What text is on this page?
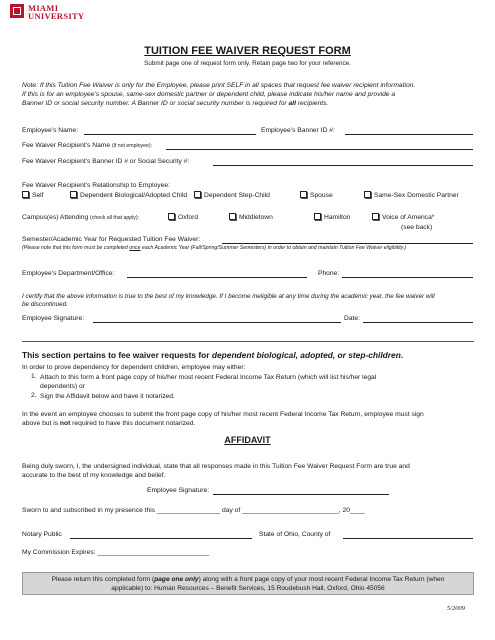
MIAMI
UNIVERSITY
TUITION FEE WAIVER REQUEST FORM
Submit page one of request form only. Retain page two for your reference.
Note: If this Tuition Fee Waiver is only for the Employee, please print SELF in all spaces that request fee waiver recipient information.
If this is for an employee’s spouse, same-sex domestic partner or dependent child, please indicate his/her name and provide a
Banner ID or social security number. A Banner ID or social security number is required for all recipients.
Employee’s Name:	Employee’s Banner ID #:
Fee Waiver Recipient’s Name (if not employee):
Fee Waiver Recipient’s Banner ID # or Social Security #:
Fee Waiver Recipient’s Relationship to Employee:
Self	Dependent Biological/Adopted Child	Dependent Step-Child	Spouse	Same-Sex Domestic Partner
Campus(es) Attending (check all that apply):	Oxford	Middletown	Hamilton	Voice of America*
(see back)
Semester/Academic Year for Requested Tuition Fee Waiver:
(Please note that this form must be completed once each Academic Year (Fall/Spring/Summer Semesters) in order to obtain and maintain Tuition Fee Waiver eligibility.)
Employee’s Department/Office:	Phone:
I certify that the above information is true to the best of my knowledge. If I become ineligible at any time during the academic year, the fee waiver will
be discontinued.
Employee Signature:	Date:
This section pertains to fee waiver requests for dependent biological, adopted, or step-children.
In order to prove dependency for dependent children, employee may either:
1. Attach to this form a front page copy of his/her most recent Federal Income Tax Return (which will list his/her legal
dependents) or
2. Sign the Affidavit below and have it notarized.
In the event an employee chooses to submit the front page copy of his/her most recent Federal Income Tax Return, employee must sign
above but is not required to have this document notarized.
AFFIDAVIT
Being duly sworn, I, the undersigned individual, state that all responses made in this Tuition Fee Waiver Request Form are true and
accurate to the best of my knowledge and belief.
Employee Signature:
Sworn to and subscribed in my presence this _________________ day of __________________________, 20____
Notary Public	State of Ohio, County of
My Commission Expires: ______________________________
Please return this completed form (page one only) along with a front page copy of your most recent Federal Income Tax Return (when
applicable) to: Human Resources – Benefit Services, 15 Roudebush Hall, Oxford, Ohio 45056
5/2009
